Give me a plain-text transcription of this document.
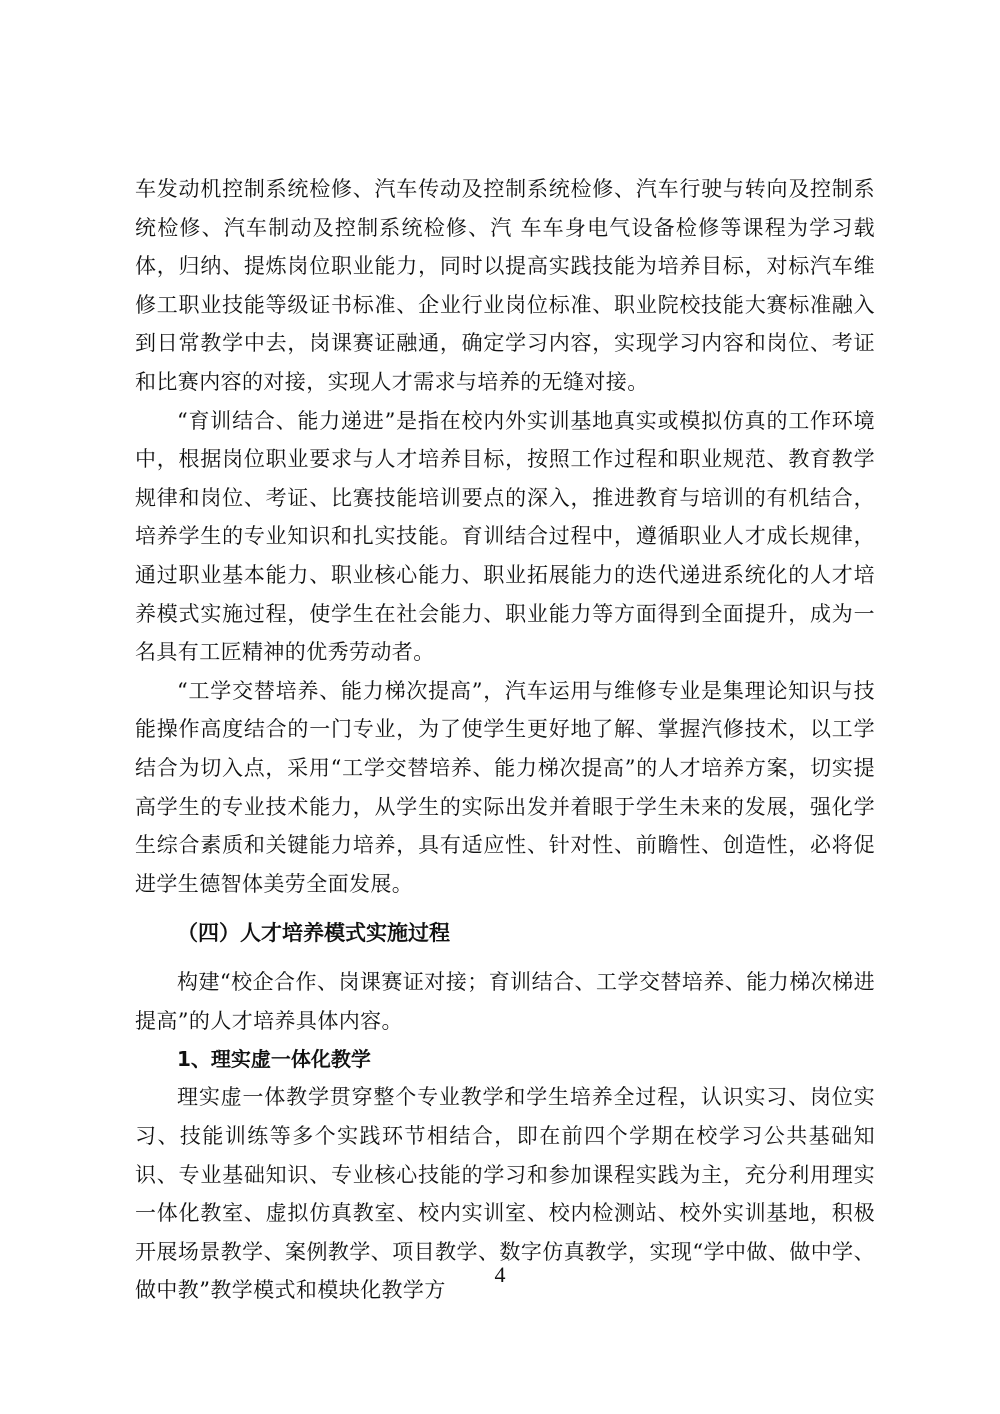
车发动机控制系统检修、汽车传动及控制系统检修、汽车行驶与转向及控制系统检修、汽车制动及控制系统检修、汽 车车身电气设备检修等课程为学习载体，归纳、提炼岗位职业能力，同时以提高实践技能为培养目标，对标汽车维修工职业技能等级证书标准、企业行业岗位标准、职业院校技能大赛标准融入到日常教学中去，岗课赛证融通，确定学习内容，实现学习内容和岗位、考证和比赛内容的对接，实现人才需求与培养的无缝对接。

“育训结合、能力递进”是指在校内外实训基地真实或模拟仿真的工作环境中，根据岗位职业要求与人才培养目标，按照工作过程和职业规范、教育教学规律和岗位、考证、比赛技能培训要点的深入，推进教育与培训的有机结合，培养学生的专业知识和扎实技能。育训结合过程中，遵循职业人才成长规律，通过职业基本能力、职业核心能力、职业拓展能力的迭代递进系统化的人才培养模式实施过程，使学生在社会能力、职业能力等方面得到全面提升，成为一名具有工匠精神的优秀劳动者。

“工学交替培养、能力梯次提高”，汽车运用与维修专业是集理论知识与技能操作高度结合的一门专业，为了使学生更好地了解、掌握汽修技术，以工学结合为切入点，采用“工学交替培养、能力梯次提高”的人才培养方案，切实提高学生的专业技术能力，从学生的实际出发并着眼于学生未来的发展，强化学生综合素质和关键能力培养，具有适应性、针对性、前瞻性、创造性，必将促进学生德智体美劳全面发展。

（四）人才培养模式实施过程

构建“校企合作、岗课赛证对接；育训结合、工学交替培养、能力梯次梯进提高”的人才培养具体内容。

1、理实虚一体化教学

理实虚一体教学贯穿整个专业教学和学生培养全过程，认识实习、岗位实习、技能训练等多个实践环节相结合，即在前四个学期在校学习公共基础知识、专业基础知识、专业核心技能的学习和参加课程实践为主，充分利用理实一体化教室、虚拟仿真教室、校内实训室、校内检测站、校外实训基地，积极开展场景教学、案例教学、项目教学、数字仿真教学，实现“学中做、做中学、做中教”教学模式和模块化教学方

4
